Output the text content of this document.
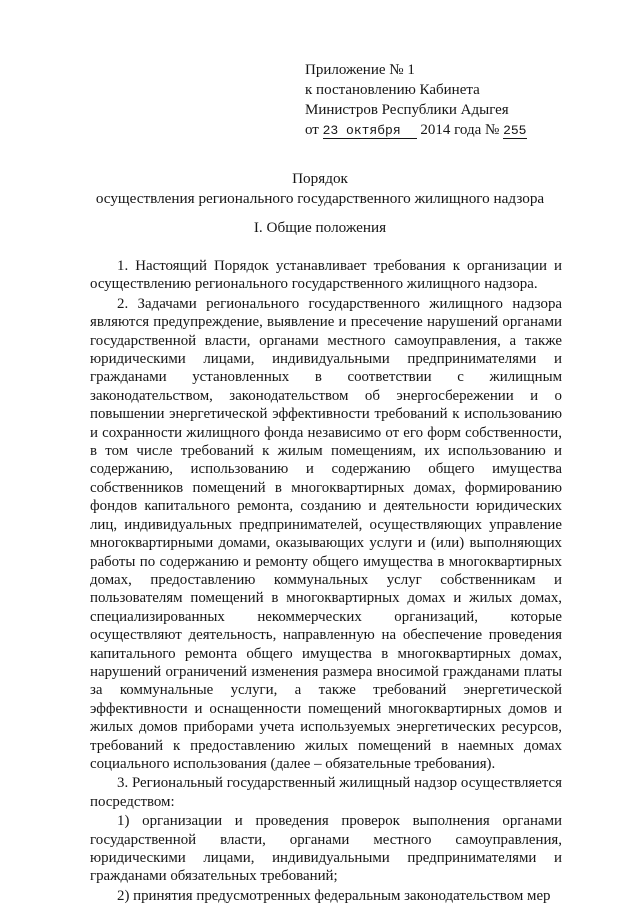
Приложение № 1
к постановлению Кабинета
Министров Республики Адыгея
от 23 октября 2014 года № 255
Порядок
осуществления регионального государственного жилищного надзора
I. Общие положения

1. Настоящий Порядок устанавливает требования к организации и осуществлению регионального государственного жилищного надзора.

2. Задачами регионального государственного жилищного надзора являются предупреждение, выявление и пресечение нарушений органами государственной власти, органами местного самоуправления, а также юридическими лицами, индивидуальными предпринимателями и гражданами установленных в соответствии с жилищным законодательством, законодательством об энергосбережении и о повышении энергетической эффективности требований к использованию и сохранности жилищного фонда независимо от его форм собственности, в том числе требований к жилым помещениям, их использованию и содержанию, использованию и содержанию общего имущества собственников помещений в многоквартирных домах, формированию фондов капитального ремонта, созданию и деятельности юридических лиц, индивидуальных предпринимателей, осуществляющих управление многоквартирными домами, оказывающих услуги и (или) выполняющих работы по содержанию и ремонту общего имущества в многоквартирных домах, предоставлению коммунальных услуг собственникам и пользователям помещений в многоквартирных домах и жилых домах, специализированных некоммерческих организаций, которые осуществляют деятельность, направленную на обеспечение проведения капитального ремонта общего имущества в многоквартирных домах, нарушений ограничений изменения размера вносимой гражданами платы за коммунальные услуги, а также требований энергетической эффективности и оснащенности помещений многоквартирных домов и жилых домов приборами учета используемых энергетических ресурсов, требований к предоставлению жилых помещений в наемных домах социального использования (далее – обязательные требования).

3. Региональный государственный жилищный надзор осуществляется посредством:

1) организации и проведения проверок выполнения органами государственной власти, органами местного самоуправления, юридическими лицами, индивидуальными предпринимателями и гражданами обязательных требований;

2) принятия предусмотренных федеральным законодательством мер
